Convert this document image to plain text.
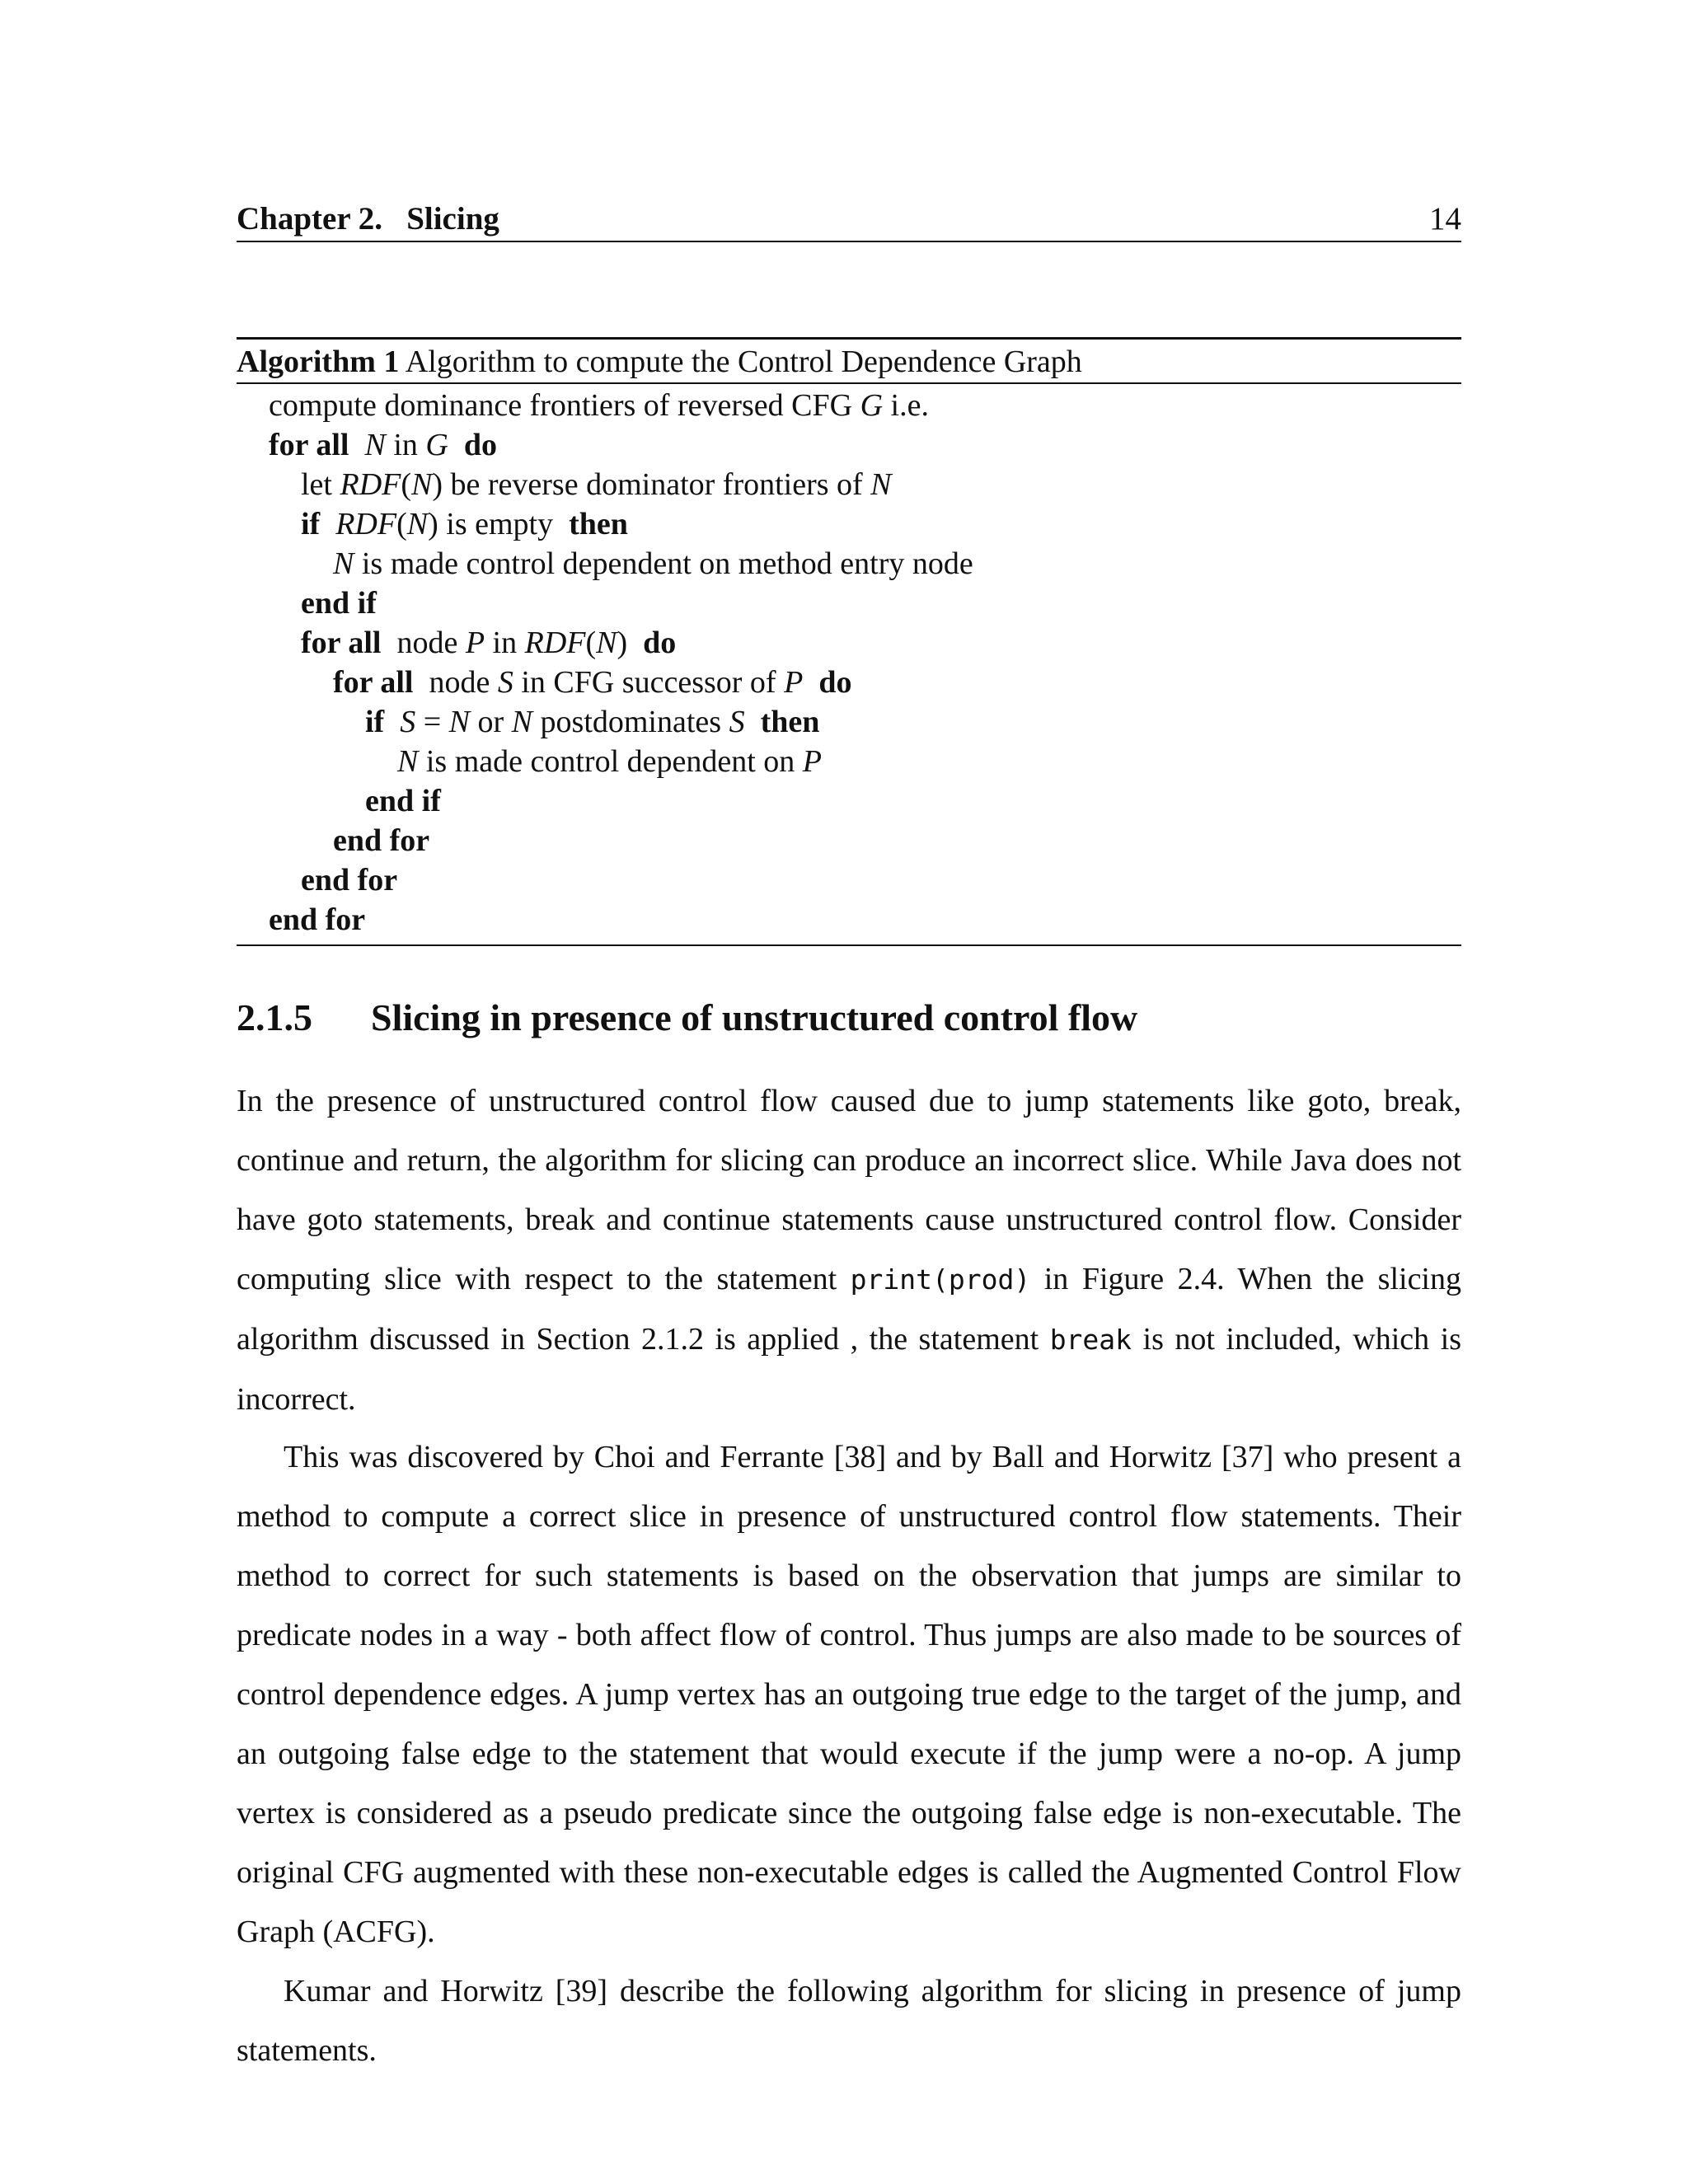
Chapter 2.   Slicing	14
Algorithm 1 Algorithm to compute the Control Dependence Graph
compute dominance frontiers of reversed CFG G i.e.
for all N in G do
let RDF(N) be reverse dominator frontiers of N
if RDF(N) is empty  then
N is made control dependent on method entry node
end if
for all  node P in RDF(N)  do
for all  node S in CFG successor of P do
if S = N or N postdominates S then
N is made control dependent on P
end if
end for
end for
end for
2.1.5 Slicing in presence of unstructured control flow
In the presence of unstructured control flow caused due to jump statements like goto, break, continue and return, the algorithm for slicing can produce an incorrect slice. While Java does not have goto statements, break and continue statements cause unstructured control flow. Consider computing slice with respect to the statement print(prod) in Figure 2.4. When the slicing algorithm discussed in Section 2.1.2 is applied , the statement break is not included, which is incorrect.
This was discovered by Choi and Ferrante [38] and by Ball and Horwitz [37] who present a method to compute a correct slice in presence of unstructured control flow statements. Their method to correct for such statements is based on the observation that jumps are similar to predicate nodes in a way - both affect flow of control. Thus jumps are also made to be sources of control dependence edges. A jump vertex has an outgoing true edge to the target of the jump, and an outgoing false edge to the statement that would execute if the jump were a no-op. A jump vertex is considered as a pseudo predicate since the outgoing false edge is non-executable. The original CFG augmented with these non-executable edges is called the Augmented Control Flow Graph (ACFG).
Kumar and Horwitz [39] describe the following algorithm for slicing in presence of jump statements.
